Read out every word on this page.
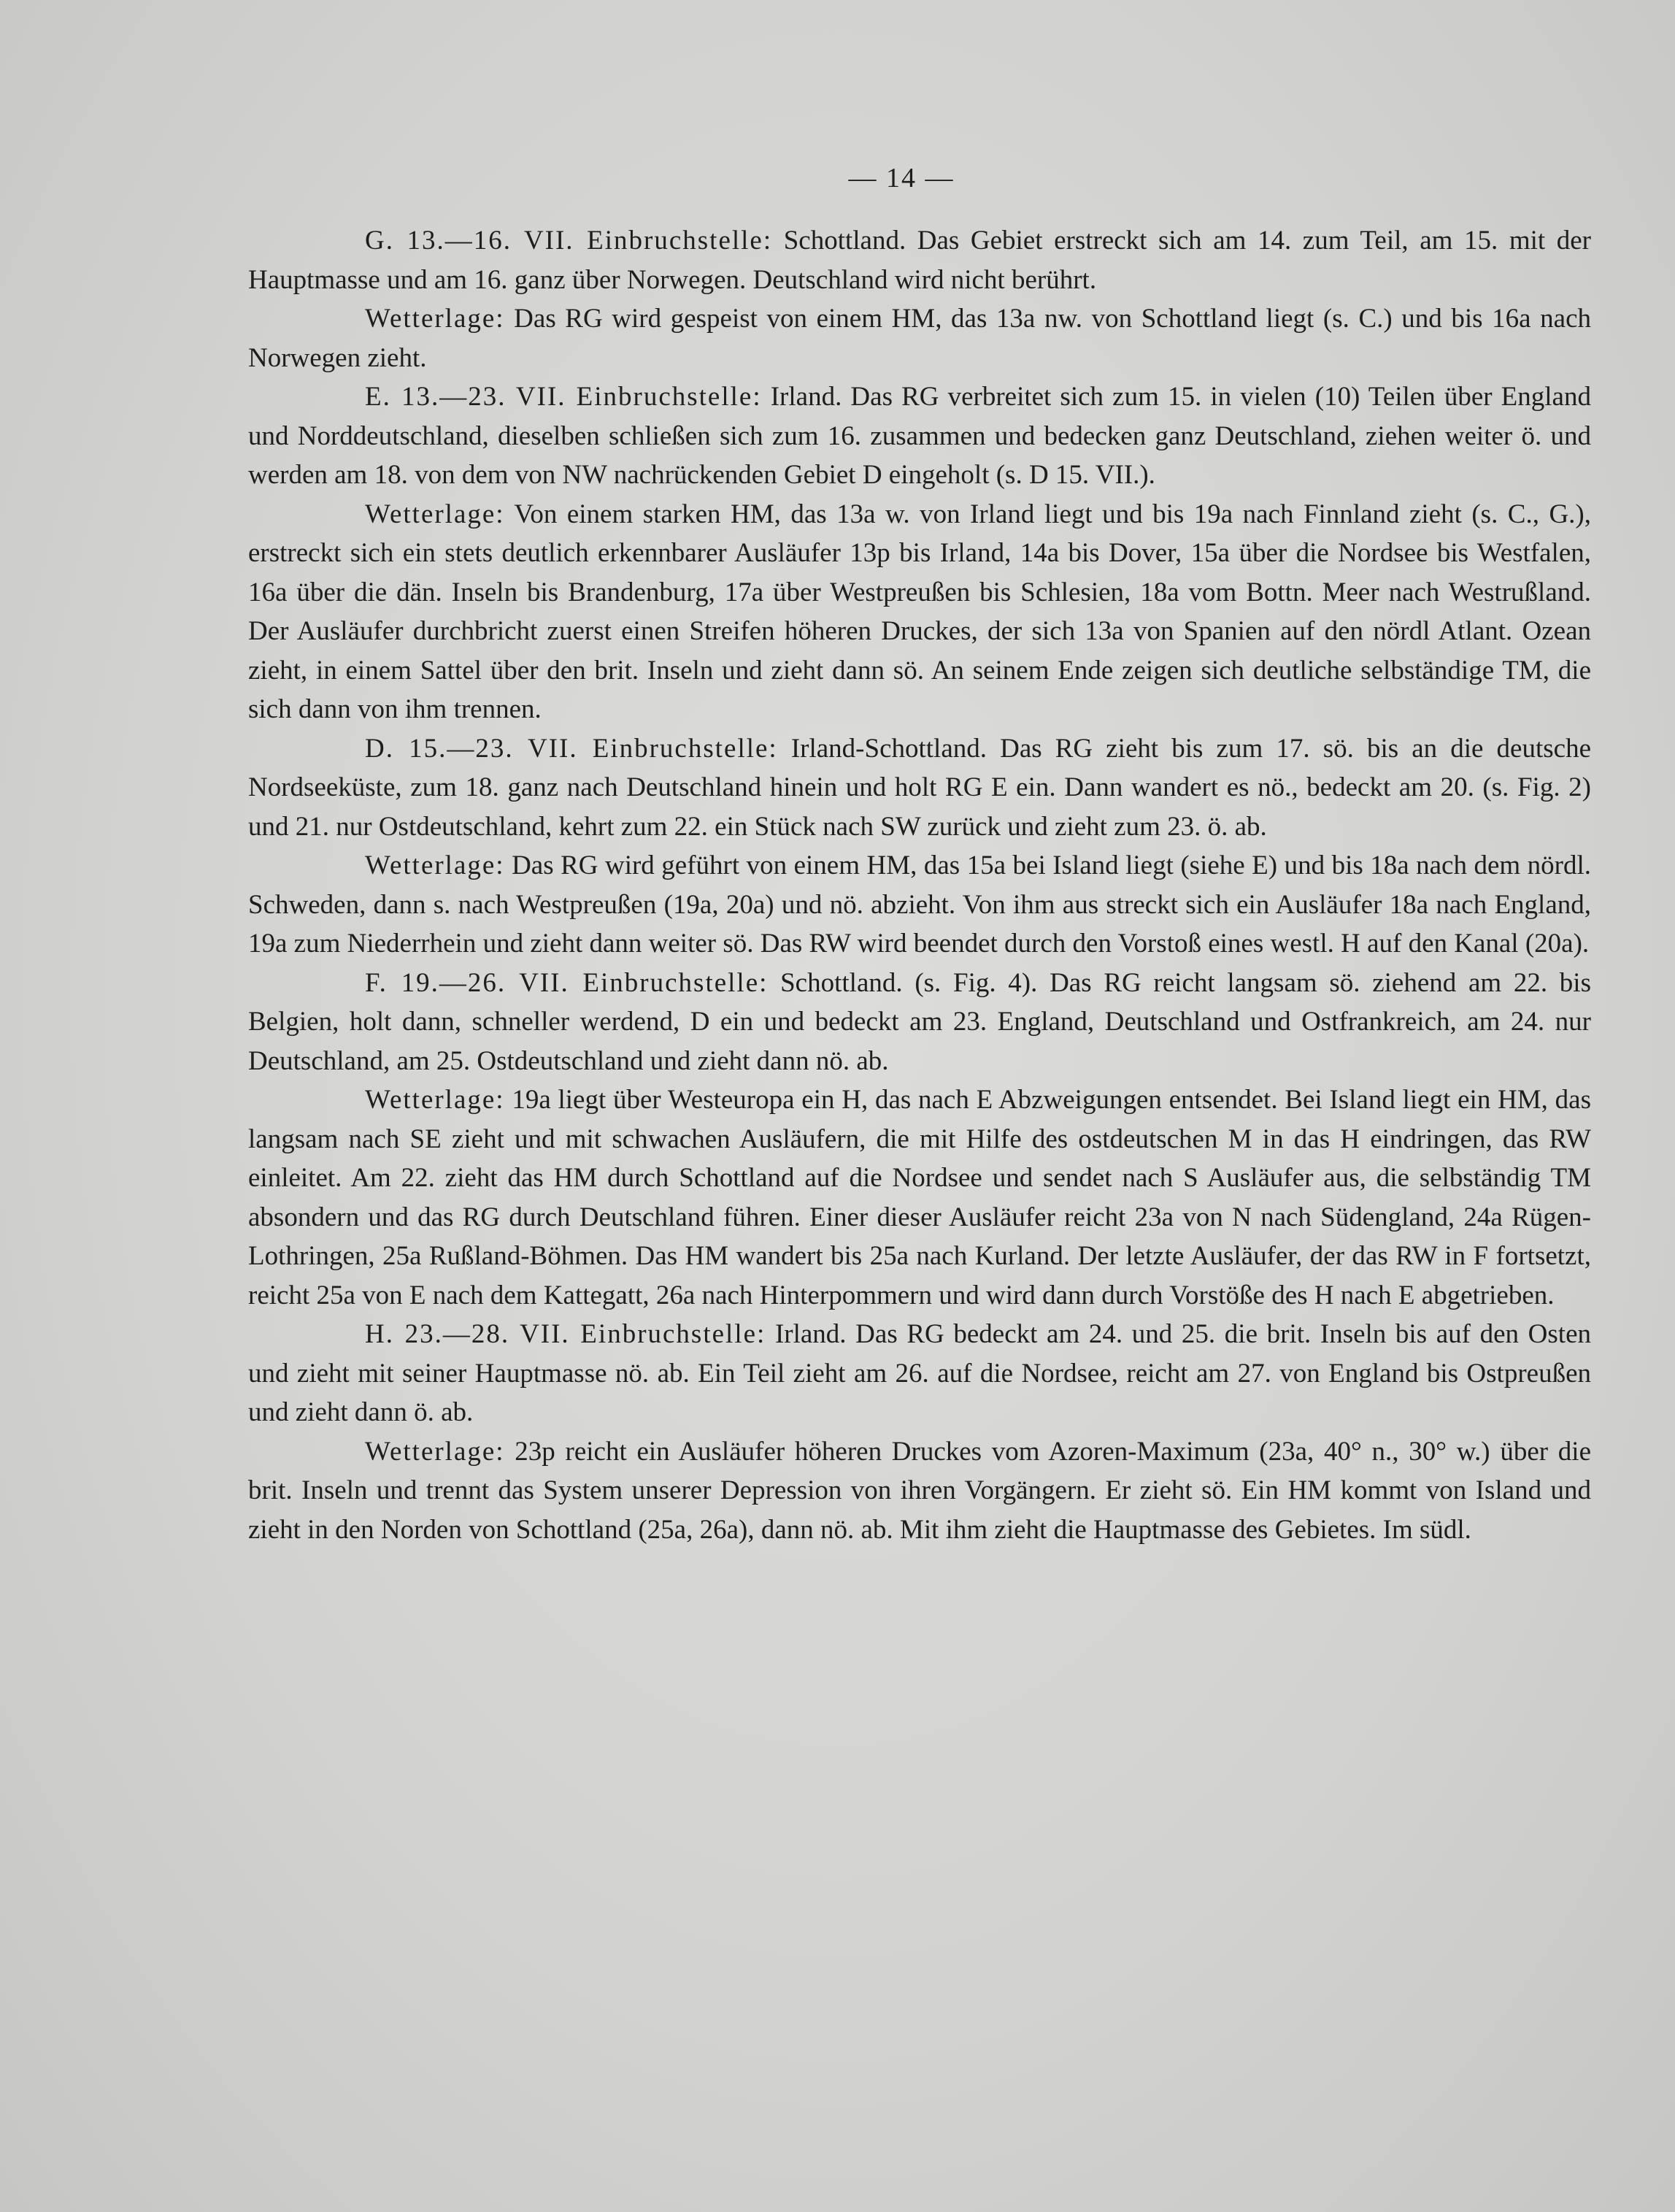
— 14 —

G. 13.—16. VII. Einbruchstelle: Schottland. Das Gebiet erstreckt sich am 14. zum Teil, am 15. mit der Hauptmasse und am 16. ganz über Norwegen. Deutschland wird nicht berührt.

Wetterlage: Das RG wird gespeist von einem HM, das 13a nw. von Schottland liegt (s. C.) und bis 16a nach Norwegen zieht.

E. 13.—23. VII. Einbruchstelle: Irland. Das RG verbreitet sich zum 15. in vielen (10) Teilen über England und Norddeutschland, dieselben schließen sich zum 16. zusammen und bedecken ganz Deutschland, ziehen weiter ö. und werden am 18. von dem von NW nachrückenden Gebiet D eingeholt (s. D 15. VII.).

Wetterlage: Von einem starken HM, das 13a w. von Irland liegt und bis 19a nach Finnland zieht (s. C., G.), erstreckt sich ein stets deutlich erkennbarer Ausläufer 13p bis Irland, 14a bis Dover, 15a über die Nordsee bis Westfalen, 16a über die dän. Inseln bis Brandenburg, 17a über Westpreußen bis Schlesien, 18a vom Bottn. Meer nach Westrußland. Der Ausläufer durchbricht zuerst einen Streifen höheren Druckes, der sich 13a von Spanien auf den nördl Atlant. Ozean zieht, in einem Sattel über den brit. Inseln und zieht dann sö. An seinem Ende zeigen sich deutliche selbständige TM, die sich dann von ihm trennen.

D. 15.—23. VII. Einbruchstelle: Irland-Schottland. Das RG zieht bis zum 17. sö. bis an die deutsche Nordseeküste, zum 18. ganz nach Deutschland hinein und holt RG E ein. Dann wandert es nö., bedeckt am 20. (s. Fig. 2) und 21. nur Ostdeutschland, kehrt zum 22. ein Stück nach SW zurück und zieht zum 23. ö. ab.

Wetterlage: Das RG wird geführt von einem HM, das 15a bei Island liegt (siehe E) und bis 18a nach dem nördl. Schweden, dann s. nach Westpreußen (19a, 20a) und nö. abzieht. Von ihm aus streckt sich ein Ausläufer 18a nach England, 19a zum Niederrhein und zieht dann weiter sö. Das RW wird beendet durch den Vorstoß eines westl. H auf den Kanal (20a).

F. 19.—26. VII. Einbruchstelle: Schottland. (s. Fig. 4). Das RG reicht langsam sö. ziehend am 22. bis Belgien, holt dann, schneller werdend, D ein und bedeckt am 23. England, Deutschland und Ostfrankreich, am 24. nur Deutschland, am 25. Ostdeutschland und zieht dann nö. ab.

Wetterlage: 19a liegt über Westeuropa ein H, das nach E Abzweigungen entsendet. Bei Island liegt ein HM, das langsam nach SE zieht und mit schwachen Ausläufern, die mit Hilfe des ostdeutschen M in das H eindringen, das RW einleitet. Am 22. zieht das HM durch Schottland auf die Nordsee und sendet nach S Ausläufer aus, die selbständig TM absondern und das RG durch Deutschland führen. Einer dieser Ausläufer reicht 23a von N nach Südengland, 24a Rügen-Lothringen, 25a Rußland-Böhmen. Das HM wandert bis 25a nach Kurland. Der letzte Ausläufer, der das RW in F fortsetzt, reicht 25a von E nach dem Kattegatt, 26a nach Hinterpommern und wird dann durch Vorstöße des H nach E abgetrieben.

H. 23.—28. VII. Einbruchstelle: Irland. Das RG bedeckt am 24. und 25. die brit. Inseln bis auf den Osten und zieht mit seiner Hauptmasse nö. ab. Ein Teil zieht am 26. auf die Nordsee, reicht am 27. von England bis Ostpreußen und zieht dann ö. ab.

Wetterlage: 23p reicht ein Ausläufer höheren Druckes vom Azoren-Maximum (23a, 40° n., 30° w.) über die brit. Inseln und trennt das System unserer Depression von ihren Vorgängern. Er zieht sö. Ein HM kommt von Island und zieht in den Norden von Schottland (25a, 26a), dann nö. ab. Mit ihm zieht die Hauptmasse des Gebietes. Im südl.
